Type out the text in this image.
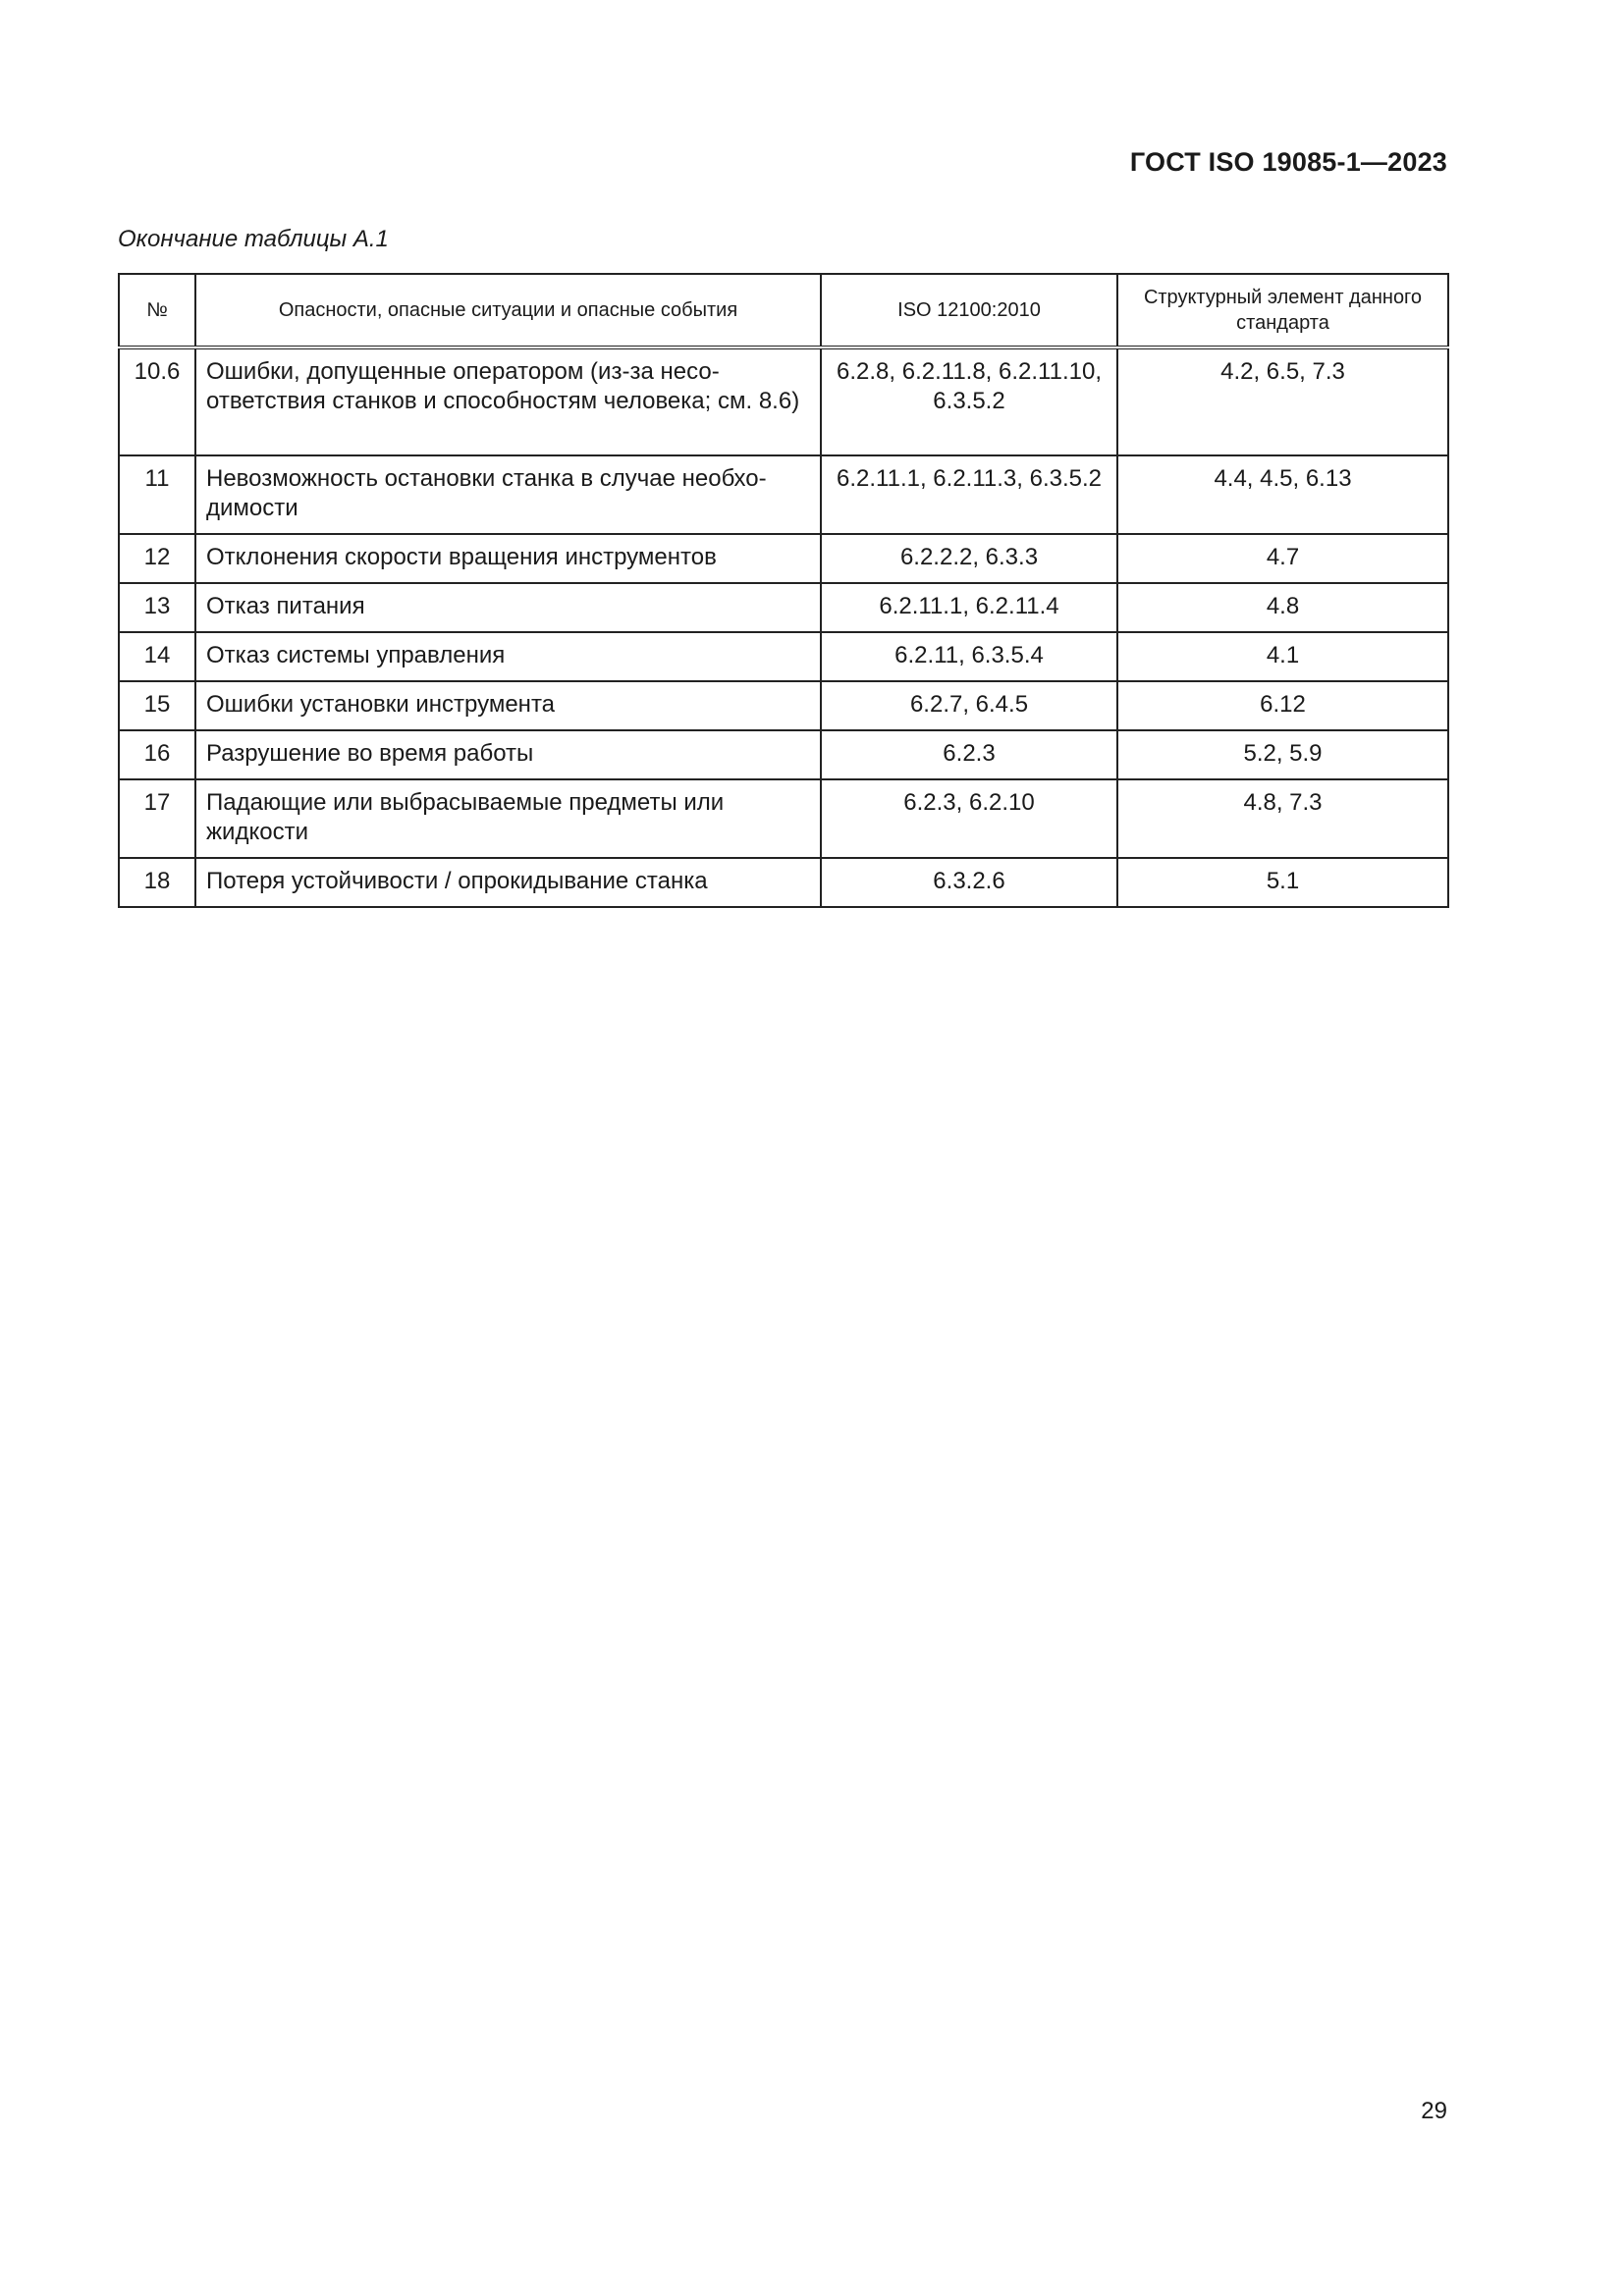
ГОСТ ISO 19085-1—2023
Окончание таблицы А.1
№	Опасности, опасные ситуации и опасные события	ISO 12100:2010	Структурный элемент данного стандарта
10.6	Ошибки, допущенные оператором (из-за несо-ответствия станков и способностям человека; см. 8.6)	6.2.8, 6.2.11.8, 6.2.11.10, 6.3.5.2	4.2, 6.5, 7.3
11	Невозможность остановки станка в случае необхо-димости	6.2.11.1, 6.2.11.3, 6.3.5.2	4.4, 4.5, 6.13
12	Отклонения скорости вращения инструментов	6.2.2.2, 6.3.3	4.7
13	Отказ питания	6.2.11.1, 6.2.11.4	4.8
14	Отказ системы управления	6.2.11, 6.3.5.4	4.1
15	Ошибки установки инструмента	6.2.7, 6.4.5	6.12
16	Разрушение во время работы	6.2.3	5.2, 5.9
17	Падающие или выбрасываемые предметы или жидкости	6.2.3, 6.2.10	4.8, 7.3
18	Потеря устойчивости / опрокидывание станка	6.3.2.6	5.1
29
